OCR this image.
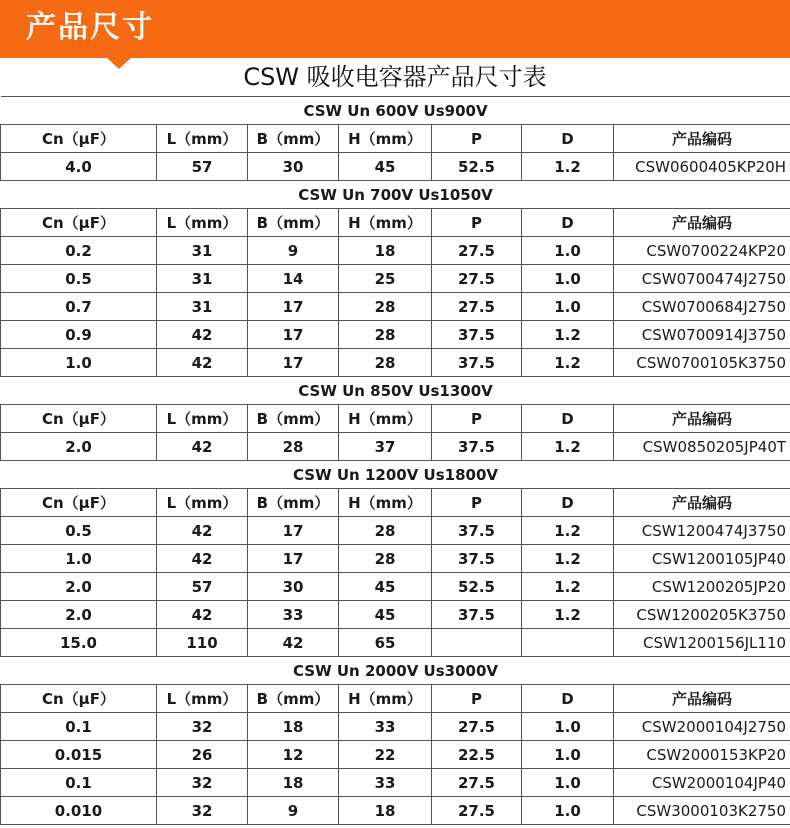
产品尺寸
CSW 吸收电容器产品尺寸表
CSW Un 600V Us900V						
Cn（μF）	L（mm）	B（mm）	H（mm）	P	D	产品编码
4.0	57	30	45	52.5	1.2	CSW0600405KP20H
CSW Un 700V Us1050V						
Cn（μF）	L（mm）	B（mm）	H（mm）	P	D	产品编码
0.2	31	9	18	27.5	1.0	CSW0700224KP20
0.5	31	14	25	27.5	1.0	CSW0700474J2750
0.7	31	17	28	27.5	1.0	CSW0700684J2750
0.9	42	17	28	37.5	1.2	CSW0700914J3750
1.0	42	17	28	37.5	1.2	CSW0700105K3750
CSW Un 850V Us1300V						
Cn（μF）	L（mm）	B（mm）	H（mm）	P	D	产品编码
2.0	42	28	37	37.5	1.2	CSW0850205JP40T
CSW Un 1200V Us1800V						
Cn（μF）	L（mm）	B（mm）	H（mm）	P	D	产品编码
0.5	42	17	28	37.5	1.2	CSW1200474J3750
1.0	42	17	28	37.5	1.2	CSW1200105JP40
2.0	57	30	45	52.5	1.2	CSW1200205JP20
2.0	42	33	45	37.5	1.2	CSW1200205K3750
15.0	110	42	65			CSW1200156JL110
CSW Un 2000V Us3000V						
Cn（μF）	L（mm）	B（mm）	H（mm）	P	D	产品编码
0.1	32	18	33	27.5	1.0	CSW2000104J2750
0.015	26	12	22	22.5	1.0	CSW2000153KP20
0.1	32	18	33	27.5	1.0	CSW2000104JP40
0.010	32	9	18	27.5	1.0	CSW3000103K2750
